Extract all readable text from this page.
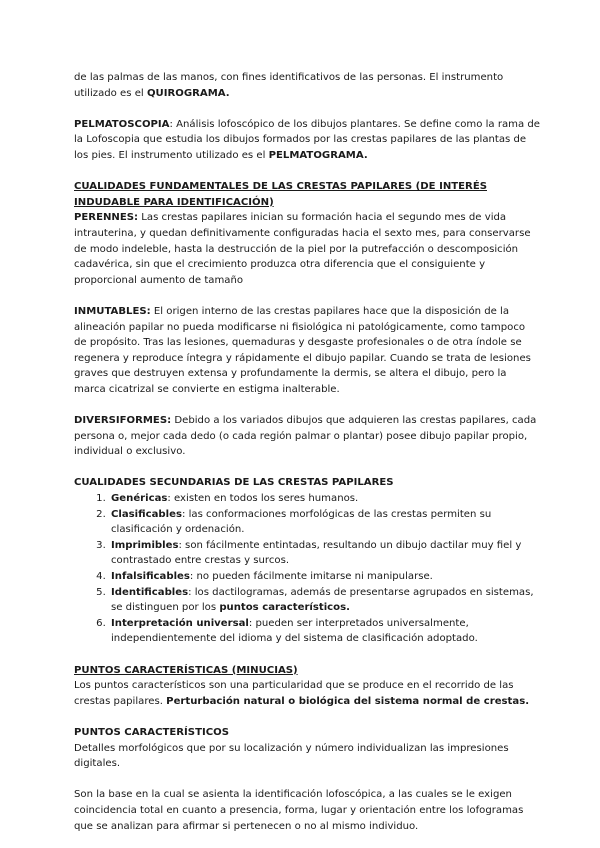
de las palmas de las manos, con fines identificativos de las personas. El instrumento utilizado es el QUIROGRAMA.

PELMATOSCOPIA: Análisis lofoscópico de los dibujos plantares. Se define como la rama de la Lofoscopia que estudia los dibujos formados por las crestas papilares de las plantas de los pies. El instrumento utilizado es el PELMATOGRAMA.

CUALIDADES FUNDAMENTALES DE LAS CRESTAS PAPILARES (DE INTERÉS INDUDABLE PARA IDENTIFICACIÓN)

PERENNES: Las crestas papilares inician su formación hacia el segundo mes de vida intrauterina, y quedan definitivamente configuradas hacia el sexto mes, para conservarse de modo indeleble, hasta la destrucción de la piel por la putrefacción o descomposición cadavérica, sin que el crecimiento produzca otra diferencia que el consiguiente y proporcional aumento de tamaño

INMUTABLES: El origen interno de las crestas papilares hace que la disposición de la alineación papilar no pueda modificarse ni fisiológica ni patológicamente, como tampoco de propósito. Tras las lesiones, quemaduras y desgaste profesionales o de otra índole se regenera y reproduce íntegra y rápidamente el dibujo papilar. Cuando se trata de lesiones graves que destruyen extensa y profundamente la dermis, se altera el dibujo, pero la marca cicatrizal se convierte en estigma inalterable.

DIVERSIFORMES: Debido a los variados dibujos que adquieren las crestas papilares, cada persona o, mejor cada dedo (o cada región palmar o plantar) posee dibujo papilar propio, individual o exclusivo.

CUALIDADES SECUNDARIAS DE LAS CRESTAS PAPILARES

1. Genéricas: existen en todos los seres humanos.
2. Clasificables: las conformaciones morfológicas de las crestas permiten su clasificación y ordenación.
3. Imprimibles: son fácilmente entintadas, resultando un dibujo dactilar muy fiel y contrastado entre crestas y surcos.
4. Infalsificables: no pueden fácilmente imitarse ni manipularse.
5. Identificables: los dactilogramas, además de presentarse agrupados en sistemas, se distinguen por los puntos característicos.
6. Interpretación universal: pueden ser interpretados universalmente, independientemente del idioma y del sistema de clasificación adoptado.

PUNTOS CARACTERÍSTICAS (MINUCIAS)

Los puntos característicos son una particularidad que se produce en el recorrido de las crestas papilares. Perturbación natural o biológica del sistema normal de crestas.

PUNTOS CARACTERÍSTICOS

Detalles morfológicos que por su localización y número individualizan las impresiones digitales.

Son la base en la cual se asienta la identificación lofoscópica, a las cuales se le exigen coincidencia total en cuanto a presencia, forma, lugar y orientación entre los lofogramas que se analizan para afirmar si pertenecen o no al mismo individuo.
